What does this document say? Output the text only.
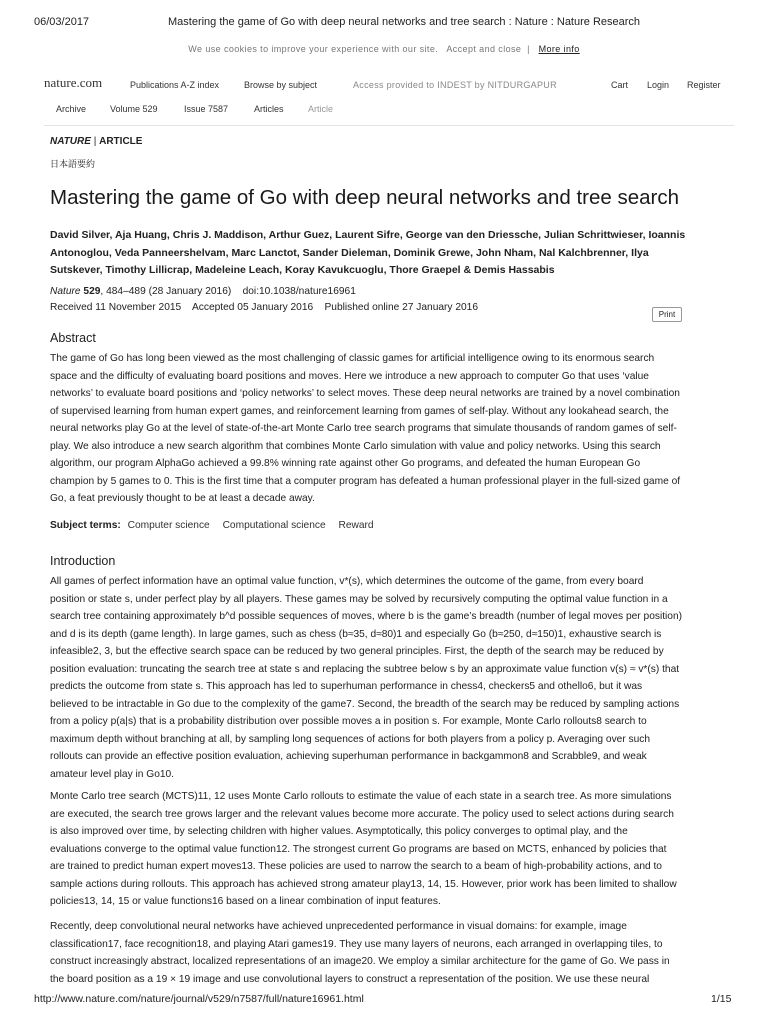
06/03/2017	Mastering the game of Go with deep neural networks and tree search : Nature : Nature Research
We use cookies to improve your experience with our site. Accept and close | More info
nature.com	Publications A-Z index	Browse by subject	Access provided to INDEST by NITDURGAPUR	Cart Login Register
Archive	Volume 529	Issue 7587	Articles	Article
NATURE | ARTICLE
日本語要約
Mastering the game of Go with deep neural networks and tree search
David Silver, Aja Huang, Chris J. Maddison, Arthur Guez, Laurent Sifre, George van den Driessche, Julian Schrittwieser, Ioannis
Antonoglou, Veda Panneershelvam, Marc Lanctot, Sander Dieleman, Dominik Grewe, John Nham, Nal Kalchbrenner, Ilya
Sutskever, Timothy Lillicrap, Madeleine Leach, Koray Kavukcuoglu, Thore Graepel & Demis Hassabis
Nature 529, 484–489 (28 January 2016) doi:10.1038/nature16961
Received 11 November 2015 Accepted 05 January 2016 Published online 27 January 2016
Print
Abstract
The game of Go has long been viewed as the most challenging of classic games for artificial intelligence owing to its enormous search
space and the difficulty of evaluating board positions and moves. Here we introduce a new approach to computer Go that uses ‘value
networks’ to evaluate board positions and ‘policy networks’ to select moves. These deep neural networks are trained by a novel combination
of supervised learning from human expert games, and reinforcement learning from games of self-play. Without any lookahead search, the
neural networks play Go at the level of state-of-the-art Monte Carlo tree search programs that simulate thousands of random games of self-
play. We also introduce a new search algorithm that combines Monte Carlo simulation with value and policy networks. Using this search
algorithm, our program AlphaGo achieved a 99.8% winning rate against other Go programs, and defeated the human European Go
champion by 5 games to 0. This is the first time that a computer program has defeated a human professional player in the full-sized game of
Go, a feat previously thought to be at least a decade away.
Subject terms: Computer science Computational science Reward
Introduction
All games of perfect information have an optimal value function, v*(s), which determines the outcome of the game, from every board
position or state s, under perfect play by all players. These games may be solved by recursively computing the optimal value function in a
search tree containing approximately b^d possible sequences of moves, where b is the game’s breadth (number of legal moves per position)
and d is its depth (game length). In large games, such as chess (b≈35, d≈80)1 and especially Go (b≈250, d≈150)1, exhaustive search is
infeasible2, 3, but the effective search space can be reduced by two general principles. First, the depth of the search may be reduced by
position evaluation: truncating the search tree at state s and replacing the subtree below s by an approximate value function v(s) ≈ v*(s) that
predicts the outcome from state s. This approach has led to superhuman performance in chess4, checkers5 and othello6, but it was
believed to be intractable in Go due to the complexity of the game7. Second, the breadth of the search may be reduced by sampling actions
from a policy p(a|s) that is a probability distribution over possible moves a in position s. For example, Monte Carlo rollouts8 search to
maximum depth without branching at all, by sampling long sequences of actions for both players from a policy p. Averaging over such
rollouts can provide an effective position evaluation, achieving superhuman performance in backgammon8 and Scrabble9, and weak
amateur level play in Go10.
Monte Carlo tree search (MCTS)11, 12 uses Monte Carlo rollouts to estimate the value of each state in a search tree. As more simulations
are executed, the search tree grows larger and the relevant values become more accurate. The policy used to select actions during search
is also improved over time, by selecting children with higher values. Asymptotically, this policy converges to optimal play, and the
evaluations converge to the optimal value function12. The strongest current Go programs are based on MCTS, enhanced by policies that
are trained to predict human expert moves13. These policies are used to narrow the search to a beam of high-probability actions, and to
sample actions during rollouts. This approach has achieved strong amateur play13, 14, 15. However, prior work has been limited to shallow
policies13, 14, 15 or value functions16 based on a linear combination of input features.
Recently, deep convolutional neural networks have achieved unprecedented performance in visual domains: for example, image
classification17, face recognition18, and playing Atari games19. They use many layers of neurons, each arranged in overlapping tiles, to
construct increasingly abstract, localized representations of an image20. We employ a similar architecture for the game of Go. We pass in
the board position as a 19 × 19 image and use convolutional layers to construct a representation of the position. We use these neural
http://www.nature.com/nature/journal/v529/n7587/full/nature16961.html	1/15
